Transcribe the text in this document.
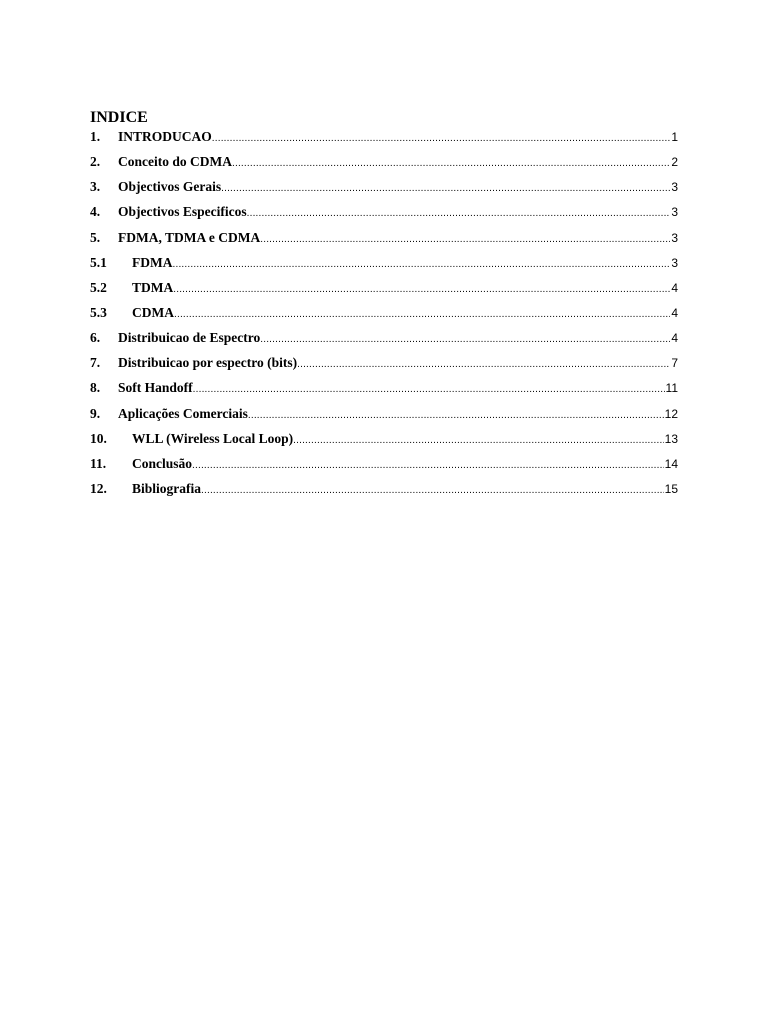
INDICE
1.	INTRODUCAO .....	1
2.	Conceito do CDMA .....	2
3.	Objectivos Gerais .....	3
4.	Objectivos Especificos .....	3
5.	FDMA, TDMA e CDMA .....	3
5.1	FDMA .....	3
5.2	TDMA .....	4
5.3	CDMA .....	4
6.	Distribuicao de Espectro .....	4
7.	Distribuicao por espectro (bits) .....	7
8.	Soft Handoff .....	11
9.	Aplicações Comerciais .....	12
10.	WLL (Wireless Local Loop) .....	13
11.	Conclusão .....	14
12.	Bibliografia .....	15
